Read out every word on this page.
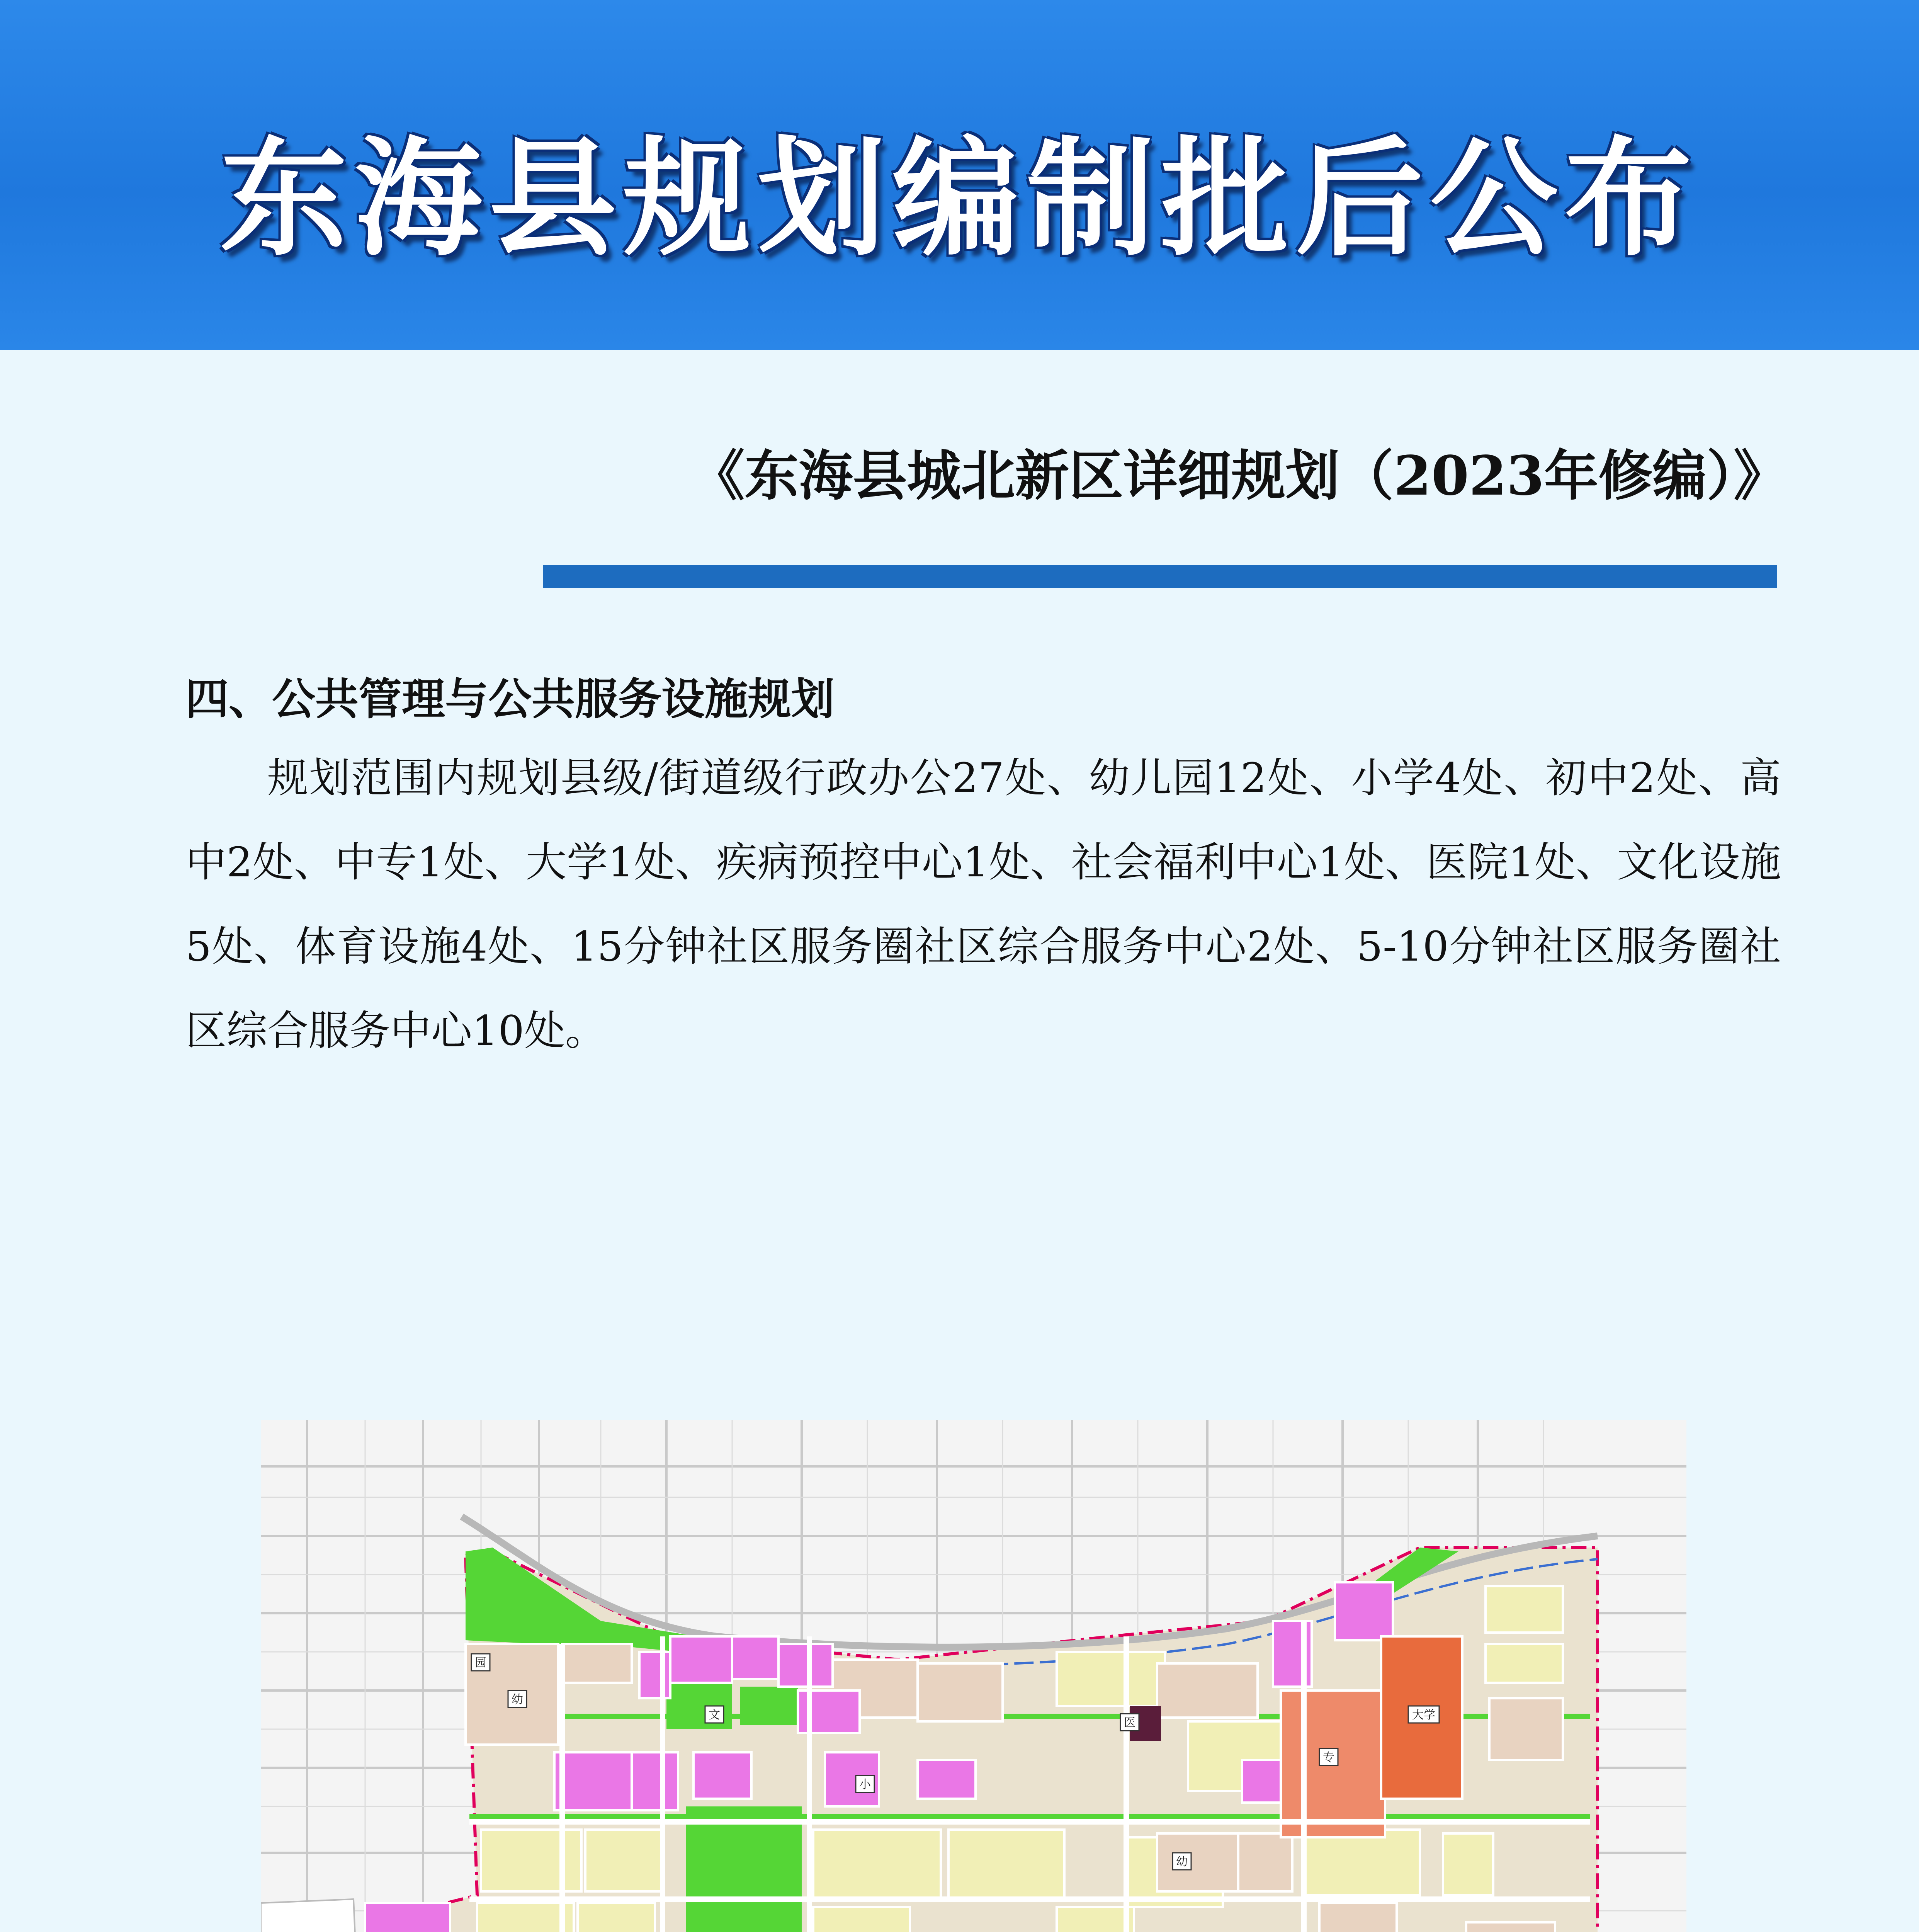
东海县规划编制批后公布
《东海县城北新区详细规划（2023年修编）》
四、公共管理与公共服务设施规划
规划范围内规划县级/街道级行政办公27处、幼儿园12处、小学4处、初中2处、高中2处、中专1处、大学1处、疾病预控中心1处、社会福利中心1处、医院1处、文化设施5处、体育设施4处、15分钟社区服务圈社区综合服务中心2处、5-10分钟社区服务圈社区综合服务中心10处。
园
幼
文
小
医
专
大学
幼
